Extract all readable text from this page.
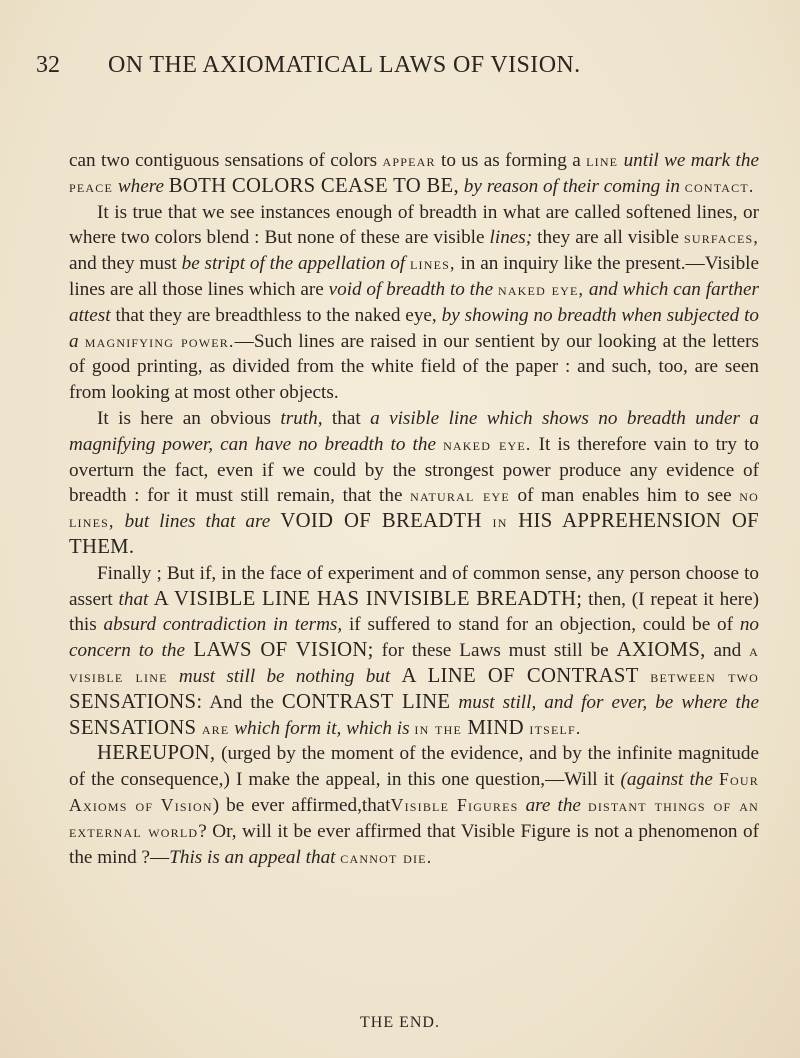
32	ON THE AXIOMATICAL LAWS OF VISION.

can two contiguous sensations of colors appear to us as forming a line until we mark the peace where BOTH COLORS CEASE TO BE, by reason of their coming in contact.

It is true that we see instances enough of breadth in what are called softened lines, or where two colors blend : But none of these are visible lines; they are all visible surfaces, and they must be stript of the appellation of lines, in an inquiry like the present.—Visible lines are all those lines which are void of breadth to the naked eye, and which can farther attest that they are breadthless to the naked eye, by showing no breadth when subjected to a magnifying power.—Such lines are raised in our sentient by our looking at the letters of good printing, as divided from the white field of the paper : and such, too, are seen from looking at most other objects.

It is here an obvious truth, that a visible line which shows no breadth under a magnifying power, can have no breadth to the naked eye. It is therefore vain to try to overturn the fact, even if we could by the strongest power produce any evidence of breadth : for it must still remain, that the natural eye of man enables him to see no lines, but lines that are VOID OF BREADTH in HIS APPREHENSION OF THEM.

Finally ; But if, in the face of experiment and of common sense, any person choose to assert that A VISIBLE LINE HAS INVISIBLE BREADTH; then, (I repeat it here) this absurd contradiction in terms, if suffered to stand for an objection, could be of no concern to the LAWS OF VISION; for these Laws must still be AXIOMS, and a visible line must still be nothing but A LINE OF CONTRAST between two SENSATIONS: And the CONTRAST LINE must still, and for ever, be where the SENSATIONS are which form it, which is in the MIND itself.

HEREUPON, (urged by the moment of the evidence, and by the infinite magnitude of the consequence,) I make the appeal, in this one question,—Will it (against the Four Axioms of Vision) be ever affirmed,thatVisible Figures are the distant things of an external world? Or, will it be ever affirmed that Visible Figure is not a phenomenon of the mind ?—This is an appeal that cannot die.

THE END.
